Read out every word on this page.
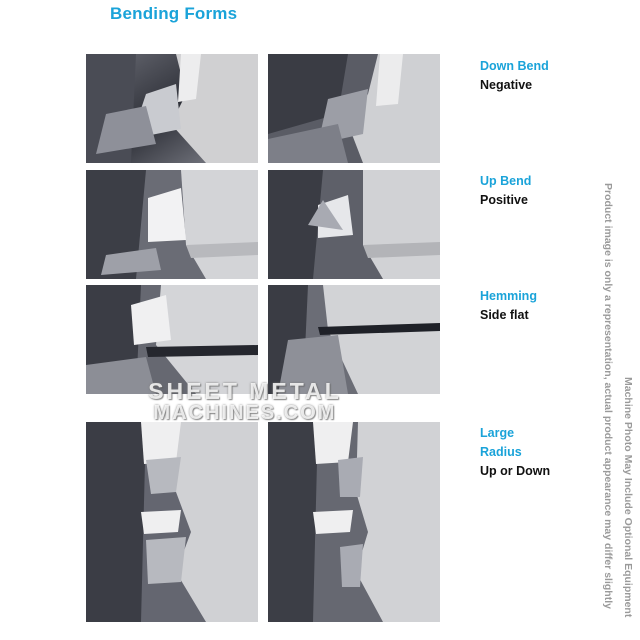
Bending Forms
SHEET METAL
MACHINES.COM
Down Bend
Negative
Up Bend
Positive
Hemming
Side flat
Large
Radius
Up or Down	Product image is only a representation, actual product appearance may differ slightly Machine Photo May Include Optional Equipment
